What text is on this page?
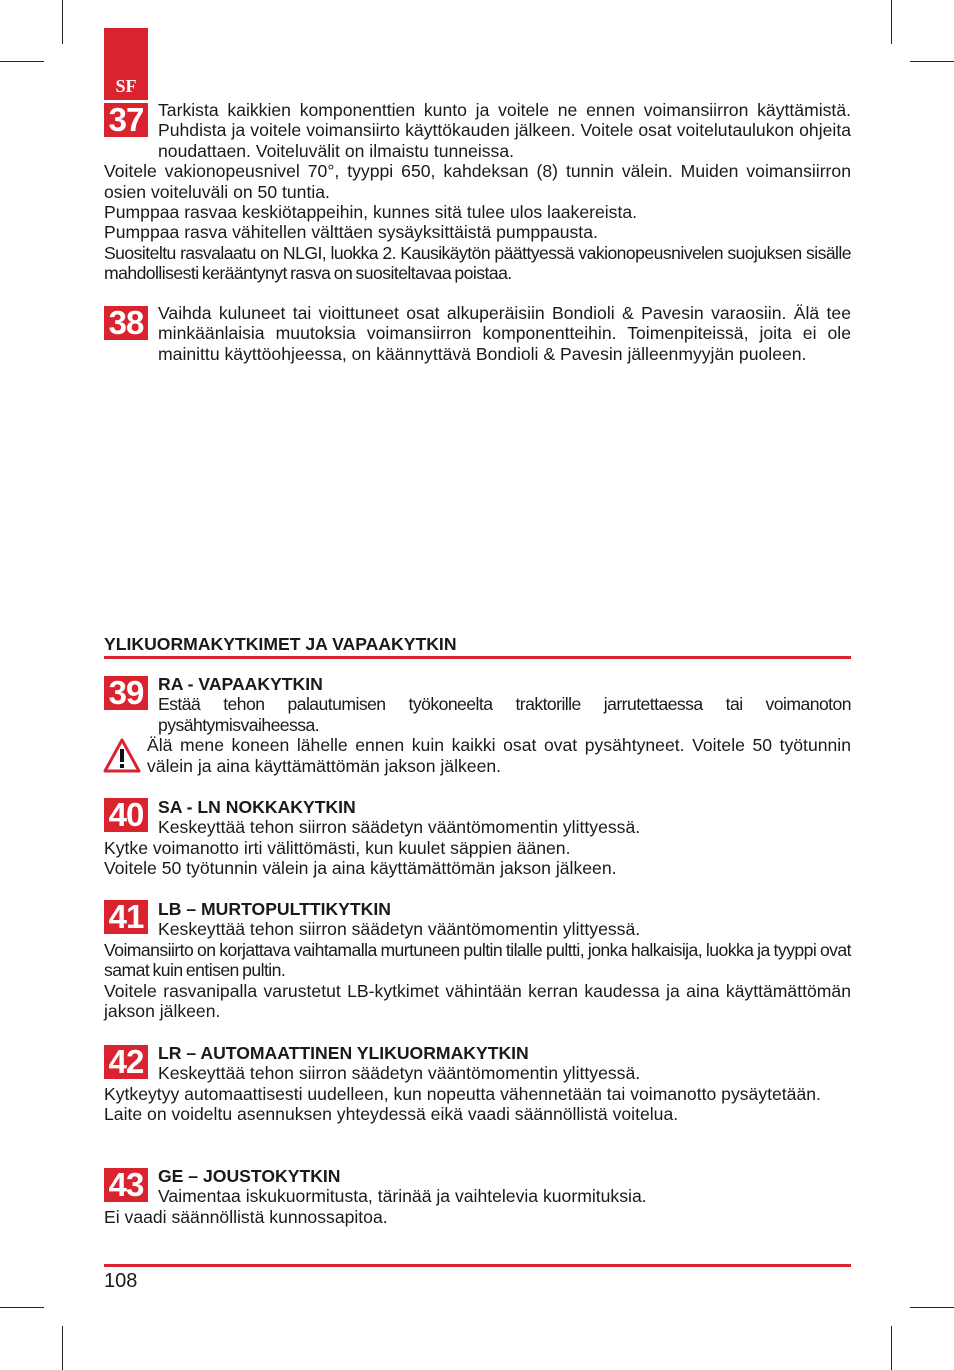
SF
37 Tarkista kaikkien komponenttien kunto ja voitele ne ennen voimansiirron käyttämistä. Puhdista ja voitele voimansiirto käyttökauden jälkeen. Voitele osat voitelutaulukon ohjeita noudattaen. Voiteluvälit on ilmaistu tunneissa.

Voitele vakionopeusnivel 70°, tyyppi 650, kahdeksan (8) tunnin välein. Muiden voimansiirron osien voiteluväli on 50 tuntia.

Pumppaa rasvaa keskiötappeihin, kunnes sitä tulee ulos laakereista.

Pumppaa rasva vähitellen välttäen sysäyksittäistä pumppausta.

Suositeltu rasvalaatu on NLGI, luokka 2. Kausikäytön päättyessä vakionopeusnivelen suojuksen sisälle mahdollisesti kerääntynyt rasva on suositeltavaa poistaa.

38 Vaihda kuluneet tai vioittuneet osat alkuperäisiin Bondioli & Pavesin varaosiin. Älä tee minkäänlaisia muutoksia voimansiirron komponentteihin. Toimenpiteissä, joita ei ole mainittu käyttöohjeessa, on käännyttävä Bondioli & Pavesin jälleenmyyjän puoleen.

YLIKUORMAKYTKIMET JA VAPAAKYTKIN
39 RA - VAPAAKYTKIN

Estää tehon palautumisen työkoneelta traktorille jarrutettaessa tai voimanoton pysähtymisvaiheessa.

Älä mene koneen lähelle ennen kuin kaikki osat ovat pysähtyneet. Voitele 50 työtunnin välein ja aina käyttämättömän jakson jälkeen.

40 SA - LN NOKKAKYTKIN

Keskeyttää tehon siirron säädetyn vääntömomentin ylittyessä.

Kytke voimanotto irti välittömästi, kun kuulet säppien äänen.

Voitele 50 työtunnin välein ja aina käyttämättömän jakson jälkeen.

41 LB – MURTOPULTTIKYTKIN

Keskeyttää tehon siirron säädetyn vääntömomentin ylittyessä.

Voimansiirto on korjattava vaihtamalla murtuneen pultin tilalle pultti, jonka halkaisija, luokka ja tyyppi ovat samat kuin entisen pultin.

Voitele rasvanipalla varustetut LB-kytkimet vähintään kerran kaudessa ja aina käyttämättömän jakson jälkeen.

42 LR – AUTOMAATTINEN YLIKUORMAKYTKIN

Keskeyttää tehon siirron säädetyn vääntömomentin ylittyessä.

Kytkeytyy automaattisesti uudelleen, kun nopeutta vähennetään tai voimanotto pysäytetään.

Laite on voideltu asennuksen yhteydessä eikä vaadi säännöllistä voitelua.

43 GE – JOUSTOKYTKIN

Vaimentaa iskukuormitusta, tärinää ja vaihtelevia kuormituksia.

Ei vaadi säännöllistä kunnossapitoa.

108
